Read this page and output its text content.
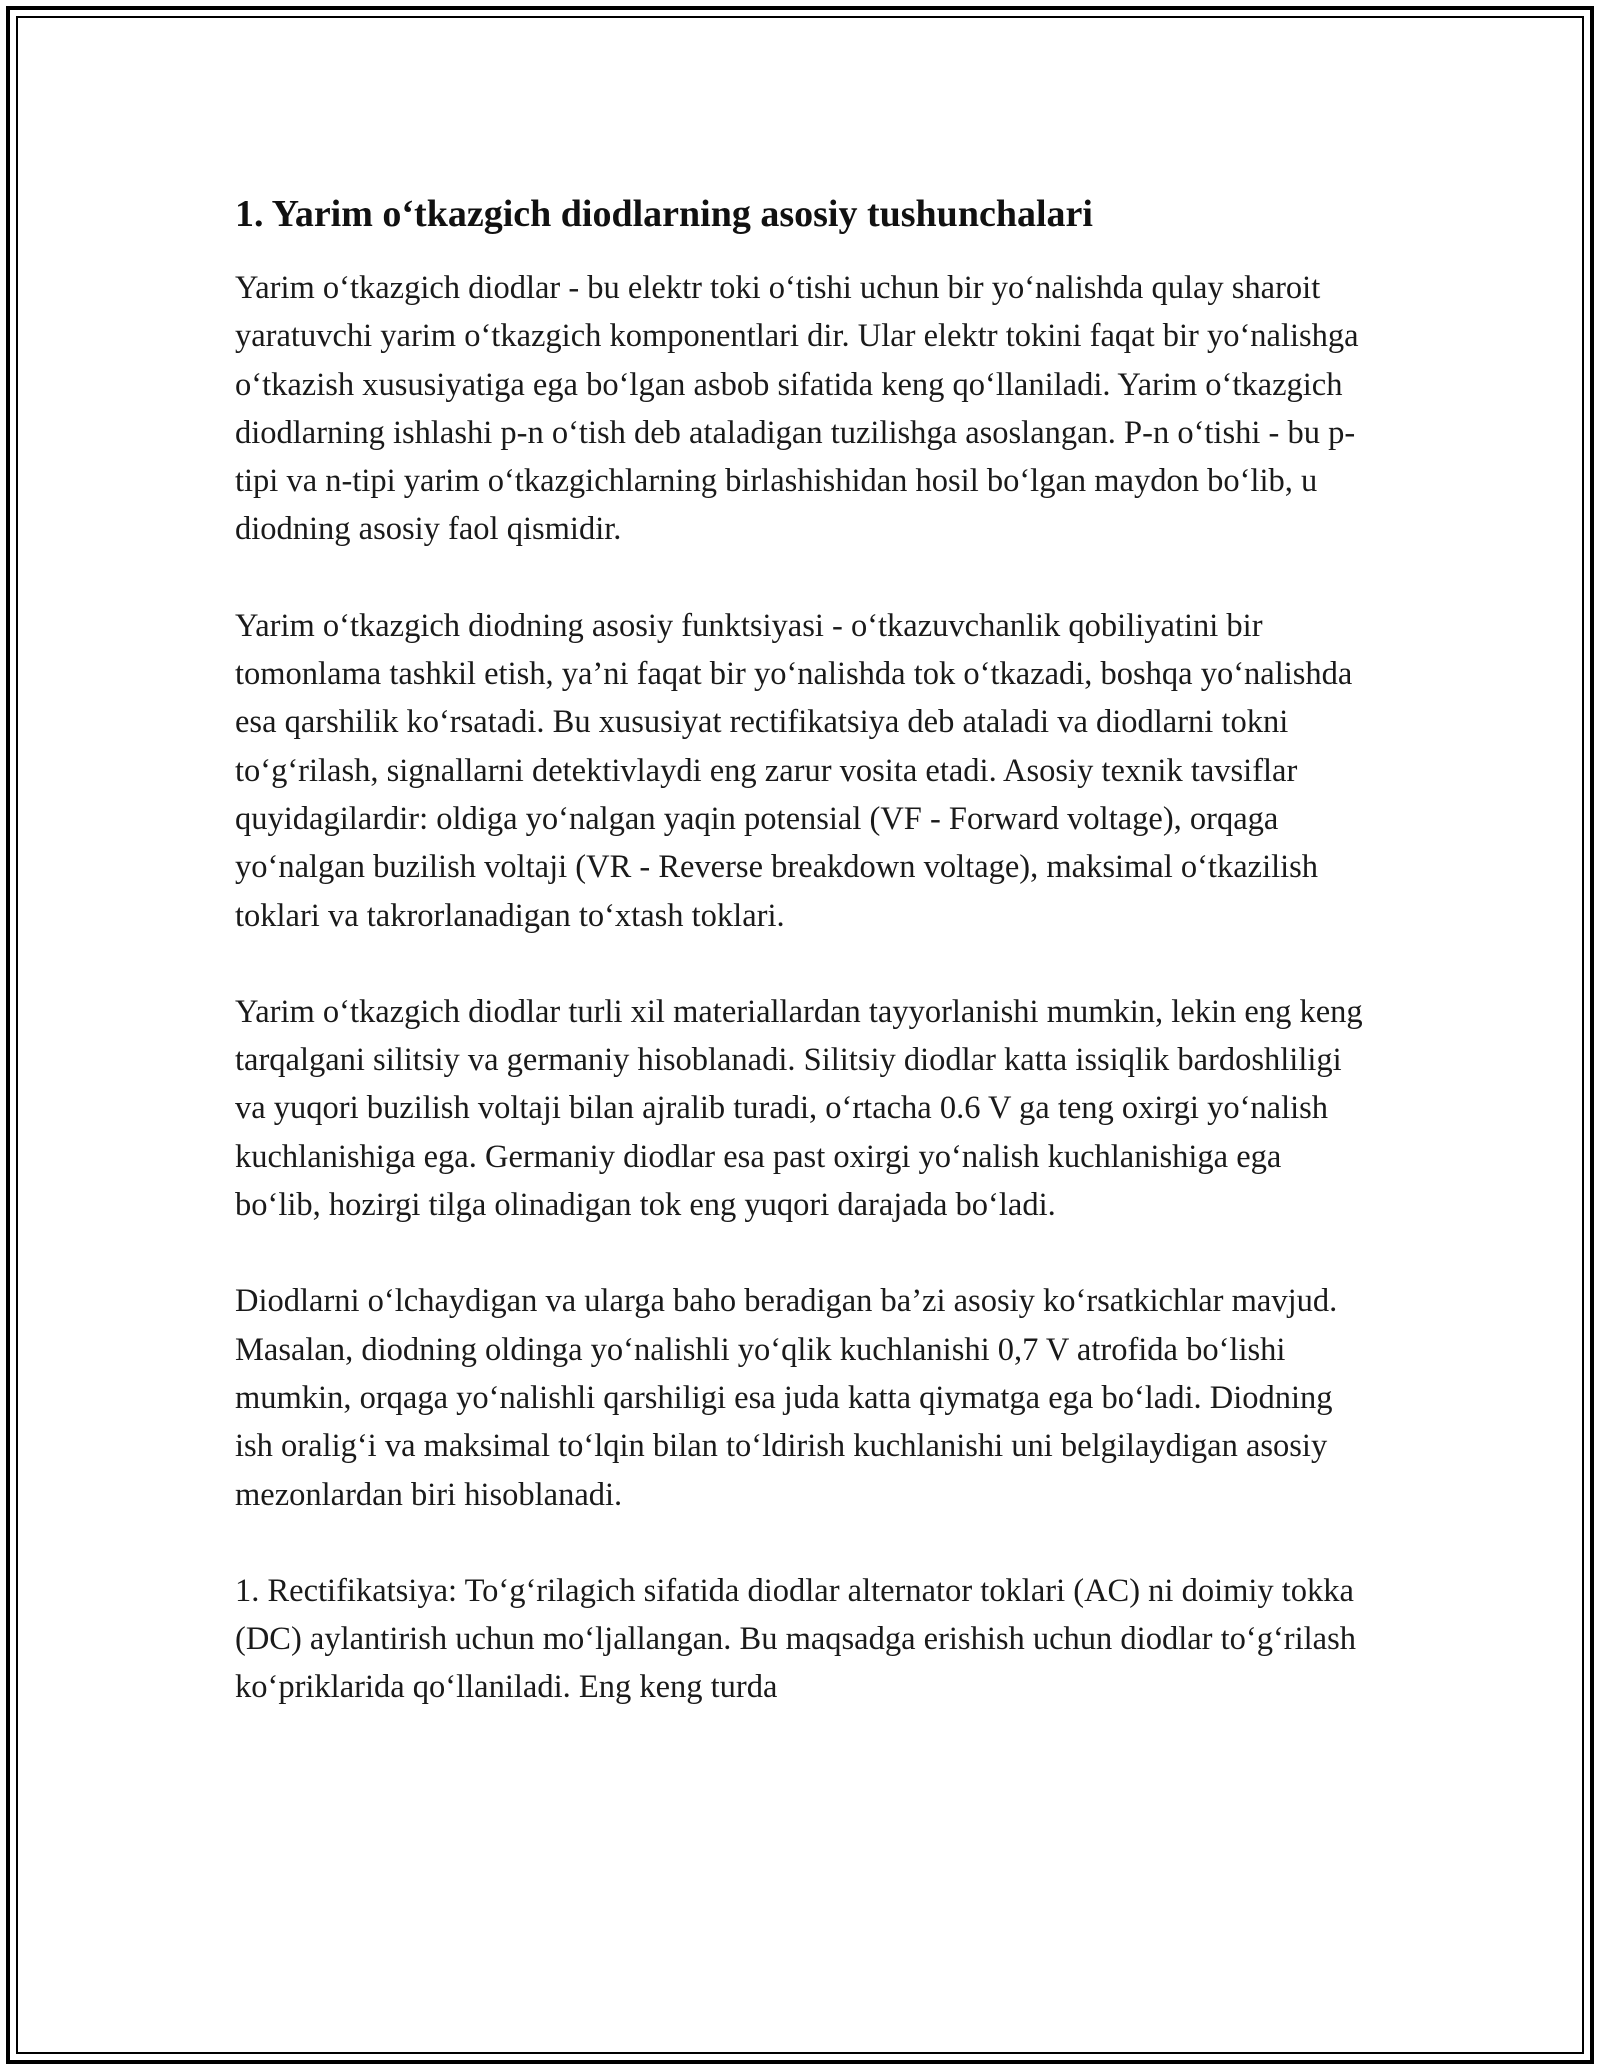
1. Yarim o‘tkazgich diodlarning asosiy tushunchalari

Yarim o‘tkazgich diodlar - bu elektr toki o‘tishi uchun bir yo‘nalishda qulay sharoit yaratuvchi yarim o‘tkazgich komponentlari dir. Ular elektr tokini faqat bir yo‘nalishga o‘tkazish xususiyatiga ega bo‘lgan asbob sifatida keng qo‘llaniladi. Yarim o‘tkazgich diodlarning ishlashi p-n o‘tish deb ataladigan tuzilishga asoslangan. P-n o‘tishi - bu p-tipi va n-tipi yarim o‘tkazgichlarning birlashishidan hosil bo‘lgan maydon bo‘lib, u diodning asosiy faol qismidir.

Yarim o‘tkazgich diodning asosiy funktsiyasi - o‘tkazuvchanlik qobiliyatini bir tomonlama tashkil etish, ya’ni faqat bir yo‘nalishda tok o‘tkazadi, boshqa yo‘nalishda esa qarshilik ko‘rsatadi. Bu xususiyat rectifikatsiya deb ataladi va diodlarni tokni to‘g‘rilash, signallarni detektivlaydi eng zarur vosita etadi. Asosiy texnik tavsiflar quyidagilardir: oldiga yo‘nalgan yaqin potensial (VF - Forward voltage), orqaga yo‘nalgan buzilish voltaji (VR - Reverse breakdown voltage), maksimal o‘tkazilish toklari va takrorlanadigan to‘xtash toklari.

Yarim o‘tkazgich diodlar turli xil materiallardan tayyorlanishi mumkin, lekin eng keng tarqalgani silitsiy va germaniy hisoblanadi. Silitsiy diodlar katta issiqlik bardoshliligi va yuqori buzilish voltaji bilan ajralib turadi, o‘rtacha 0.6 V ga teng oxirgi yo‘nalish kuchlanishiga ega. Germaniy diodlar esa past oxirgi yo‘nalish kuchlanishiga ega bo‘lib, hozirgi tilga olinadigan tok eng yuqori darajada bo‘ladi.

Diodlarni o‘lchaydigan va ularga baho beradigan ba’zi asosiy ko‘rsatkichlar mavjud. Masalan, diodning oldinga yo‘nalishli yo‘qlik kuchlanishi 0,7 V atrofida bo‘lishi mumkin, orqaga yo‘nalishli qarshiligi esa juda katta qiymatga ega bo‘ladi. Diodning ish oralig‘i va maksimal to‘lqin bilan to‘ldirish kuchlanishi uni belgilaydigan asosiy mezonlardan biri hisoblanadi.

1. Rectifikatsiya: To‘g‘rilagich sifatida diodlar alternator toklari (AC) ni doimiy tokka (DC) aylantirish uchun mo‘ljallangan. Bu maqsadga erishish uchun diodlar to‘g‘rilash ko‘priklarida qo‘llaniladi. Eng keng turda
